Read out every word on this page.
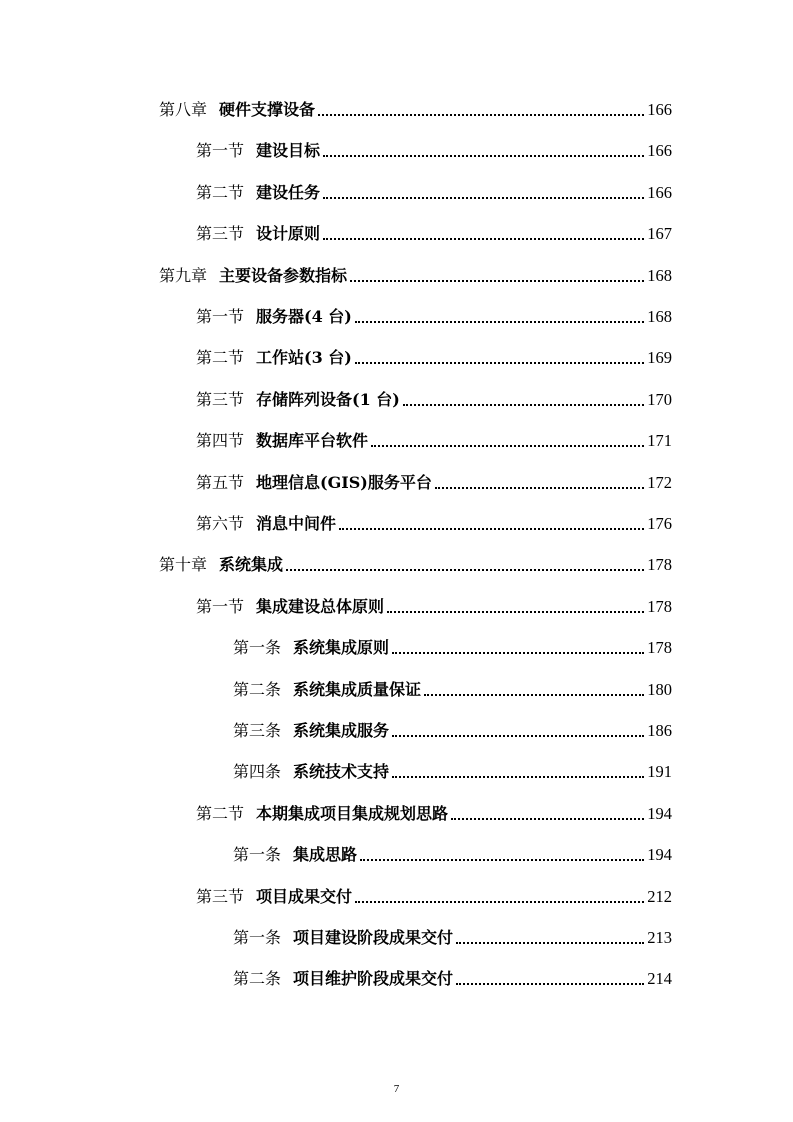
第八章 硬件支撑设备	166
第一节 建设目标	166
第二节 建设任务	166
第三节 设计原则	167
第九章 主要设备参数指标	168
第一节 服务器(4 台)	168
第二节 工作站(3 台)	169
第三节 存储阵列设备(1 台)	170
第四节 数据库平台软件	171
第五节 地理信息(GIS)服务平台	172
第六节 消息中间件	176
第十章 系统集成	178
第一节 集成建设总体原则	178
第一条 系统集成原则	178
第二条 系统集成质量保证	180
第三条 系统集成服务	186
第四条 系统技术支持	191
第二节 本期集成项目集成规划思路	194
第一条 集成思路	194
第三节 项目成果交付	212
第一条 项目建设阶段成果交付	213
第二条 项目维护阶段成果交付	214
7
